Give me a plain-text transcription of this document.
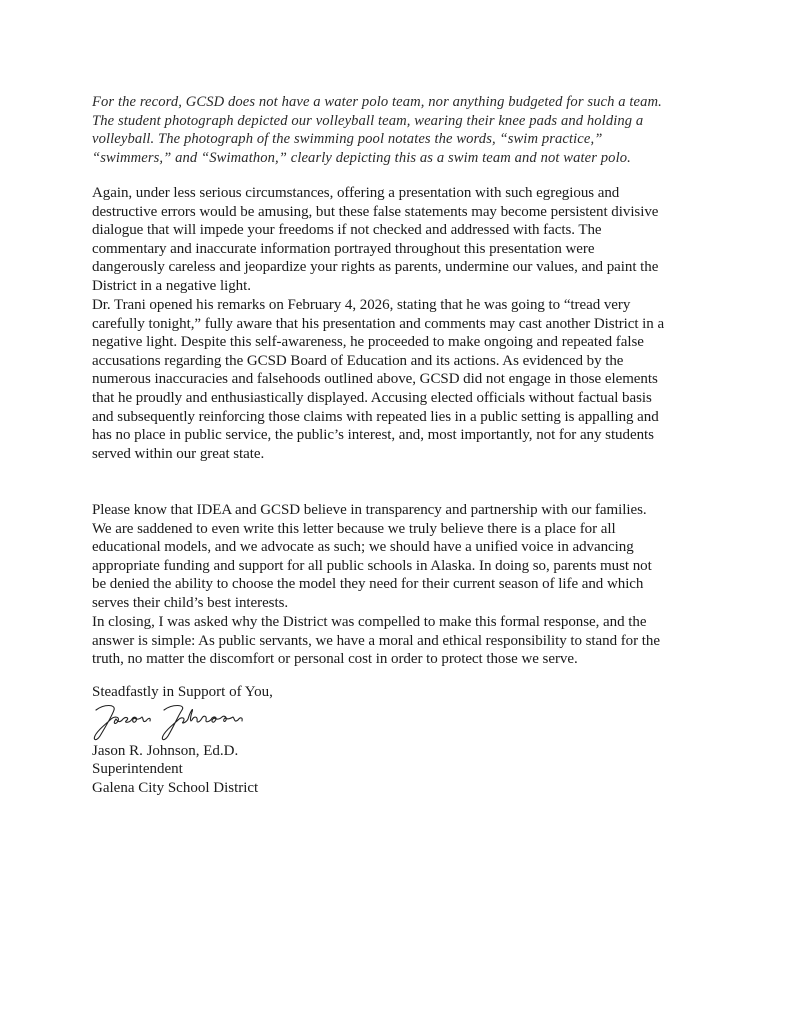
For the record, GCSD does not have a water polo team, nor anything budgeted for such a team.
The student photograph depicted our volleyball team, wearing their knee pads and holding a
volleyball. The photograph of the swimming pool notates the words, “swim practice,”
“swimmers,” and “Swimathon,” clearly depicting this as a swim team and not water polo.

Again, under less serious circumstances, offering a presentation with such egregious and
destructive errors would be amusing, but these false statements may become persistent divisive
dialogue that will impede your freedoms if not checked and addressed with facts. The
commentary and inaccurate information portrayed throughout this presentation were
dangerously careless and jeopardize your rights as parents, undermine our values, and paint the
District in a negative light.

Dr. Trani opened his remarks on February 4, 2026, stating that he was going to “tread very
carefully tonight,” fully aware that his presentation and comments may cast another District in a
negative light. Despite this self-awareness, he proceeded to make ongoing and repeated false
accusations regarding the GCSD Board of Education and its actions. As evidenced by the
numerous inaccuracies and falsehoods outlined above, GCSD did not engage in those elements
that he proudly and enthusiastically displayed. Accusing elected officials without factual basis
and subsequently reinforcing those claims with repeated lies in a public setting is appalling and
has no place in public service, the public’s interest, and, most importantly, not for any students
served within our great state.

Please know that IDEA and GCSD believe in transparency and partnership with our families.
We are saddened to even write this letter because we truly believe there is a place for all
educational models, and we advocate as such; we should have a unified voice in advancing
appropriate funding and support for all public schools in Alaska. In doing so, parents must not
be denied the ability to choose the model they need for their current season of life and which
serves their child’s best interests.

In closing, I was asked why the District was compelled to make this formal response, and the
answer is simple: As public servants, we have a moral and ethical responsibility to stand for the
truth, no matter the discomfort or personal cost in order to protect those we serve.

Steadfastly in Support of You,
Jason R. Johnson, Ed.D.
Superintendent
Galena City School District
